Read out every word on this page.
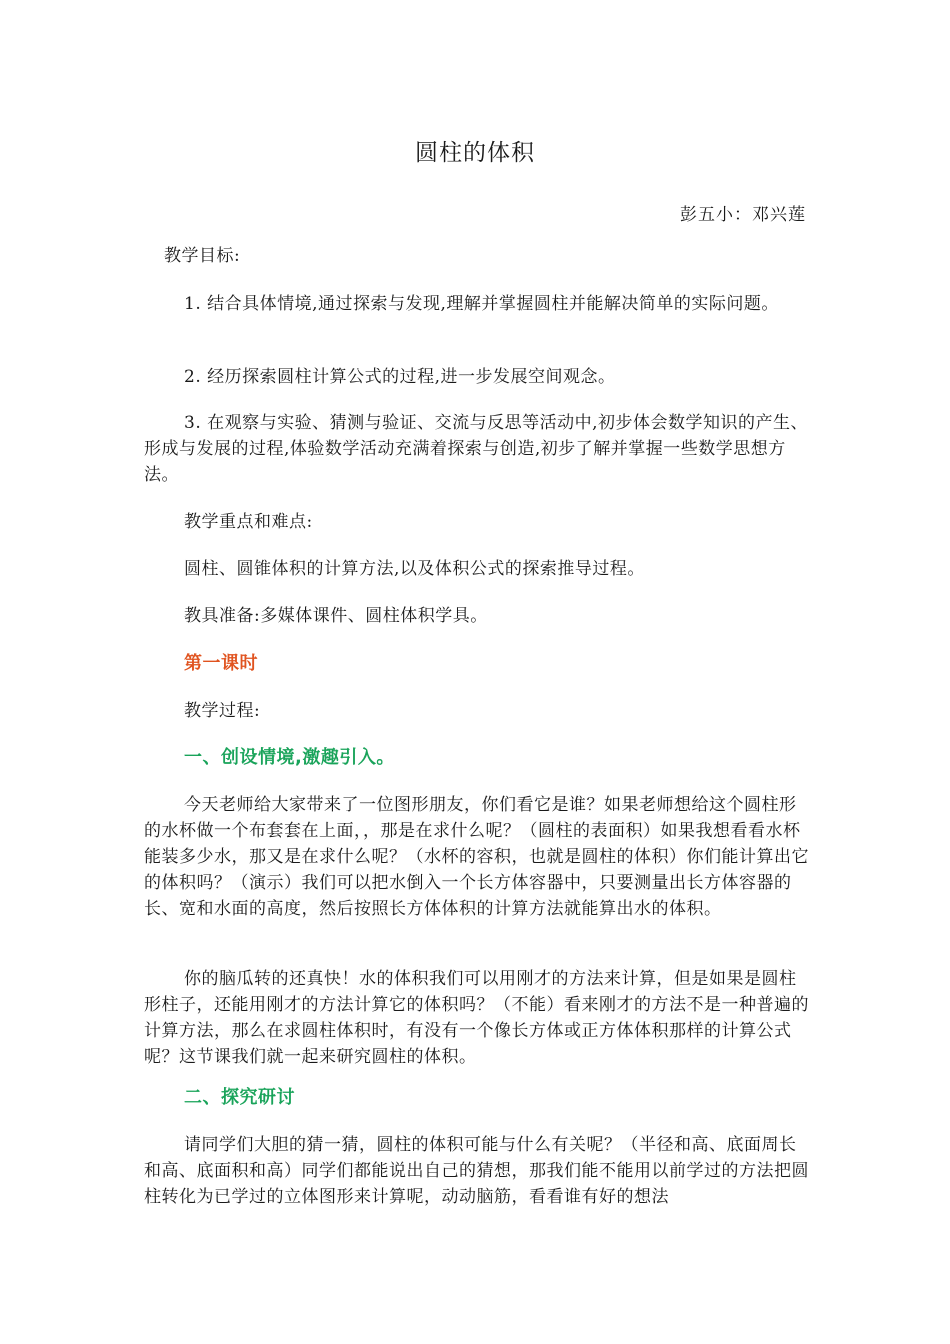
圆柱的体积
彭五小：邓兴莲
教学目标:
1. 结合具体情境,通过探索与发现,理解并掌握圆柱并能解决简单的实际问题。
2. 经历探索圆柱计算公式的过程,进一步发展空间观念。
3. 在观察与实验、猜测与验证、交流与反思等活动中,初步体会数学知识的产生、形成与发展的过程,体验数学活动充满着探索与创造,初步了解并掌握一些数学思想方法。
教学重点和难点:
圆柱、圆锥体积的计算方法,以及体积公式的探索推导过程。
教具准备:多媒体课件、圆柱体积学具。
第一课时
教学过程:
一、创设情境,激趣引入。
今天老师给大家带来了一位图形朋友，你们看它是谁？如果老师想给这个圆柱形的水杯做一个布套套在上面，，那是在求什么呢？（圆柱的表面积）如果我想看看水杯能装多少水，那又是在求什么呢？（水杯的容积，也就是圆柱的体积）你们能计算出它的体积吗？（演示）我们可以把水倒入一个长方体容器中，只要测量出长方体容器的长、宽和水面的高度，然后按照长方体体积的计算方法就能算出水的体积。
你的脑瓜转的还真快！水的体积我们可以用刚才的方法来计算，但是如果是圆柱形柱子，还能用刚才的方法计算它的体积吗？（不能）看来刚才的方法不是一种普遍的计算方法，那么在求圆柱体积时，有没有一个像长方体或正方体体积那样的计算公式呢？这节课我们就一起来研究圆柱的体积。
二、探究研讨
请同学们大胆的猜一猜，圆柱的体积可能与什么有关呢？（半径和高、底面周长和高、底面积和高）同学们都能说出自己的猜想，那我们能不能用以前学过的方法把圆柱转化为已学过的立体图形来计算呢，动动脑筋，看看谁有好的想法
